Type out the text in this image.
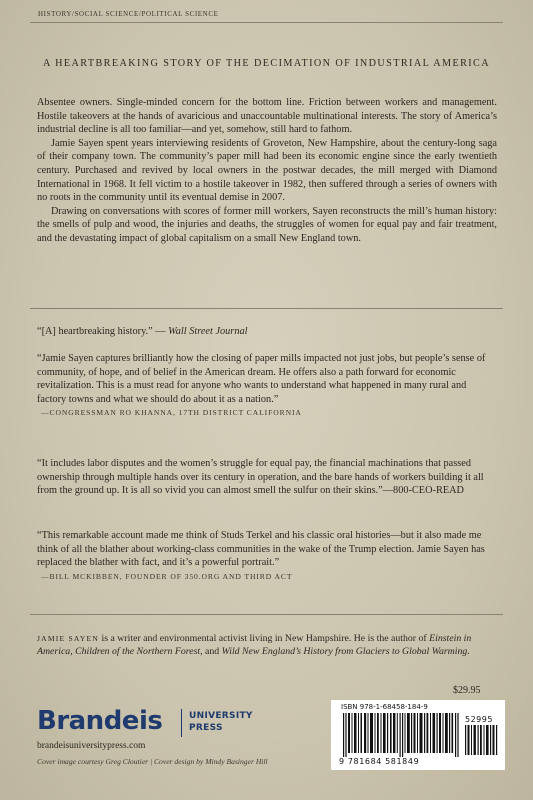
HISTORY/SOCIAL SCIENCE/POLITICAL SCIENCE
A HEARTBREAKING STORY OF THE DECIMATION OF INDUSTRIAL AMERICA

Absentee owners. Single-minded concern for the bottom line. Friction between workers and management. Hostile takeovers at the hands of avaricious and unaccountable multinational interests. The story of America’s industrial decline is all too familiar—and yet, somehow, still hard to fathom.

Jamie Sayen spent years interviewing residents of Groveton, New Hampshire, about the century-long saga of their company town. The community’s paper mill had been its economic engine since the early twentieth century. Purchased and revived by local owners in the postwar decades, the mill merged with Diamond International in 1968. It fell victim to a hostile takeover in 1982, then suffered through a series of owners with no roots in the community until its eventual demise in 2007.

Drawing on conversations with scores of former mill workers, Sayen reconstructs the mill’s human history: the smells of pulp and wood, the injuries and deaths, the struggles of women for equal pay and fair treatment, and the devastating impact of global capitalism on a small New England town.

“[A] heartbreaking history.” — Wall Street Journal
“Jamie Sayen captures brilliantly how the closing of paper mills impacted not just jobs, but people’s sense of community, of hope, and of belief in the American dream. He offers also a path forward for economic revitalization. This is a must read for anyone who wants to understand what happened in many rural and factory towns and what we should do about it as a nation.”
—CONGRESSMAN RO KHANNA, 17TH DISTRICT CALIFORNIA
“It includes labor disputes and the women’s struggle for equal pay, the financial machinations that passed ownership through multiple hands over its century in operation, and the bare hands of workers building it all from the ground up. It is all so vivid you can almost smell the sulfur on their skins.”—800-CEO-READ
“This remarkable account made me think of Studs Terkel and his classic oral histories—but it also made me think of all the blather about working-class communities in the wake of the Trump election. Jamie Sayen has replaced the blather with fact, and it’s a powerful portrait.”
—BILL MCKIBBEN, FOUNDER OF 350.ORG AND THIRD ACT
JAMIE SAYEN is a writer and environmental activist living in New Hampshire. He is the author of Einstein in America, Children of the Northern Forest, and Wild New England’s History from Glaciers to Global Warming.
$29.95
Brandeis	UNIVERSITY
PRESS
brandeisuniversitypress.com
Cover image courtesy Greg Cloutier | Cover design by Mindy Basinger Hill
ISBN 978-1-68458-184-9
52995
9 781684 581849
